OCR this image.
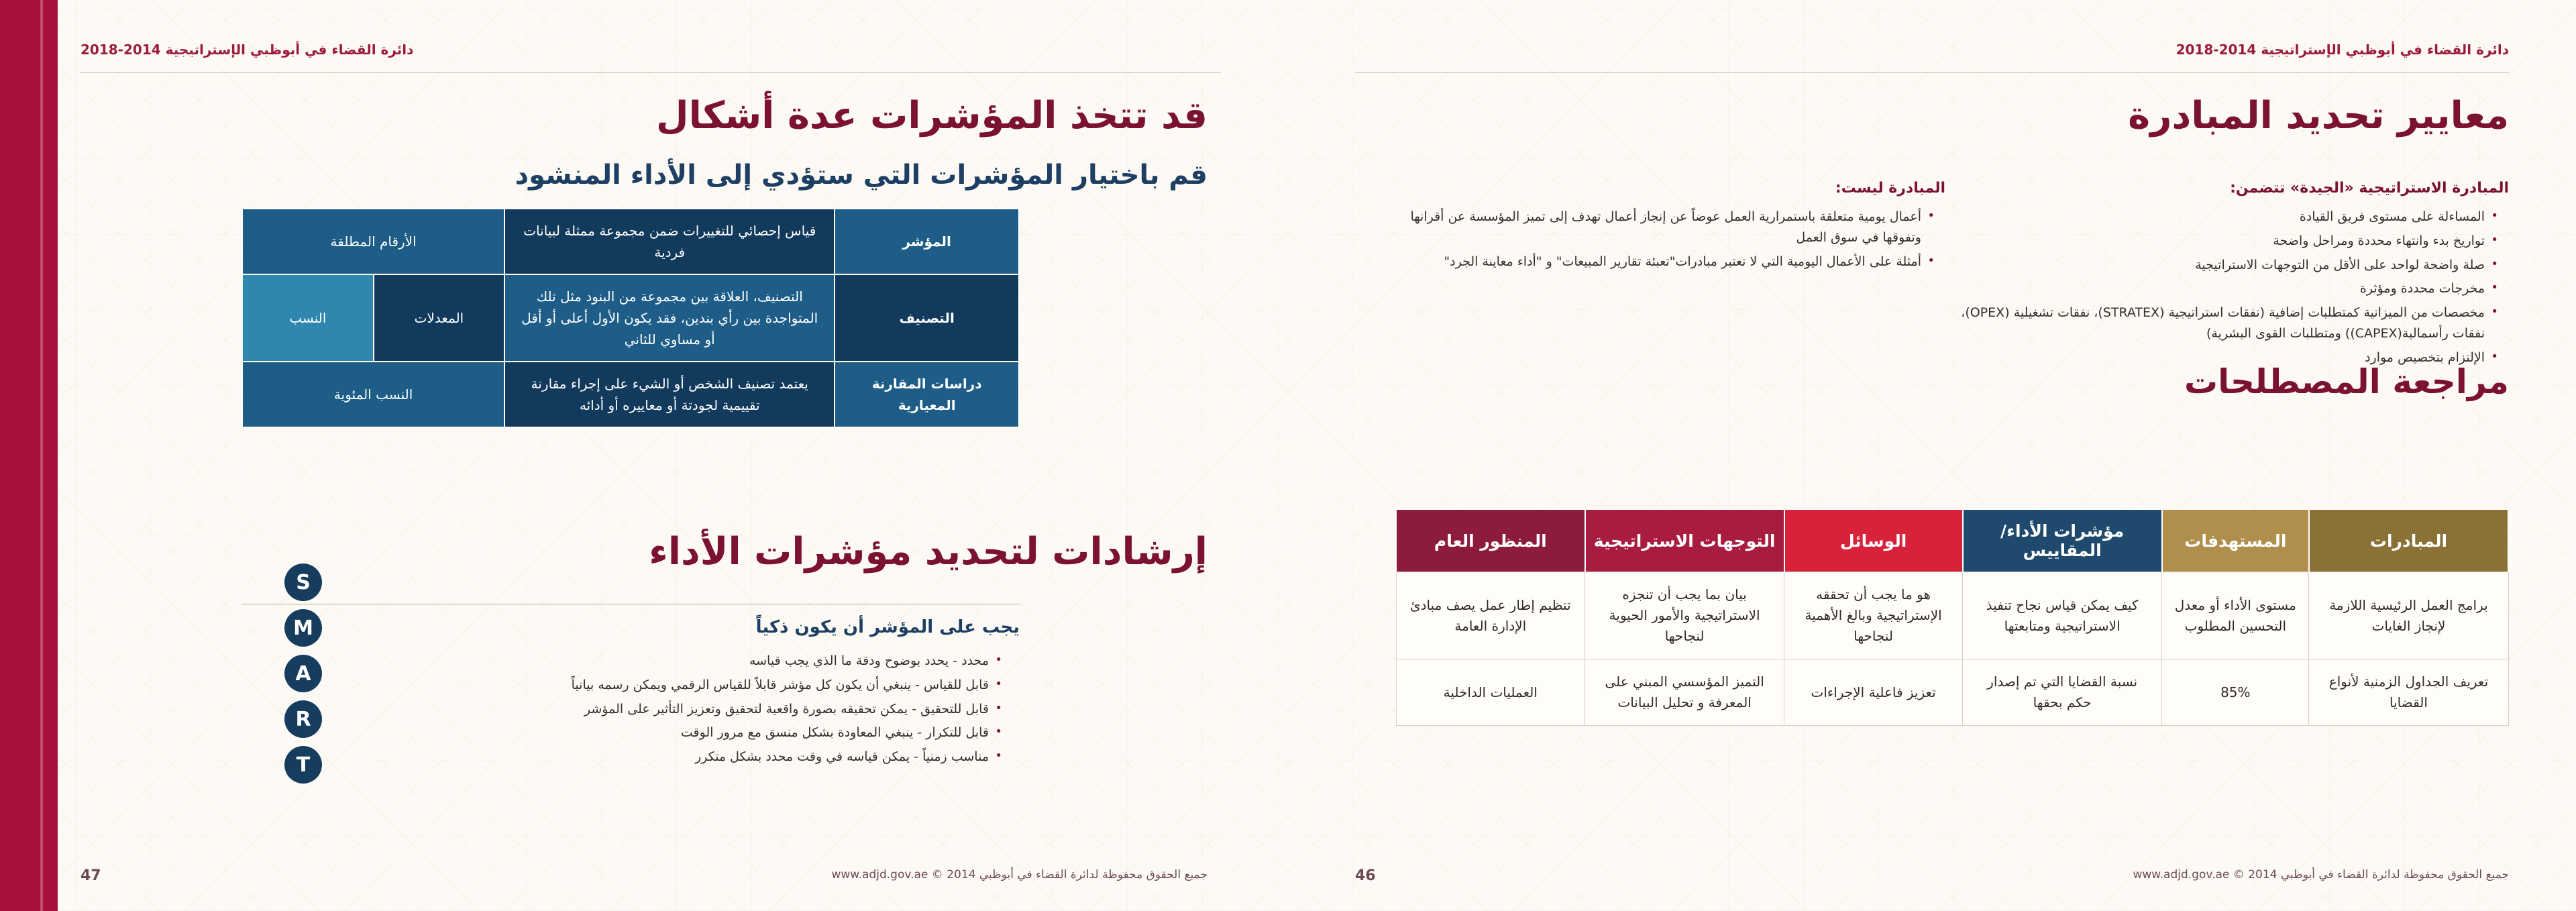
دائرة القضاء في أبوظبي الإستراتيجية 2014-2018
معايير تحديد المبادرة
المبادرة الاستراتيجية «الجيدة» تتضمن:
• المساءلة على مستوى فريق القيادة
• تواريخ بدء وانتهاء محددة ومراحل واضحة
• صلة واضحة لواحد على الأقل من التوجهات الاستراتيجية
• مخرجات محددة ومؤثرة
• مخصصات من الميزانية كمتطلبات إضافية (نفقات استراتيجية (STRATEX)، نفقات تشغيلية (OPEX)، نفقات رأسمالية(CAPEX)) ومتطلبات القوى البشرية)
• الإلتزام بتخصيص موارد
المبادرة ليست:
• أعمال يومية متعلقة باستمرارية العمل عوضاً عن إنجاز أعمال تهدف إلى تميز المؤسسة عن أقرانها وتفوقها في سوق العمل
• أمثلة على الأعمال اليومية التي لا تعتبر مبادرات"تعبئة تقارير المبيعات" و "أداء معاينة الجرد"
مراجعة المصطلحات
المبادرات	المستهدفات	مؤشرات الأداء/ المقاييس	الوسائل	التوجهات الاستراتيجية	المنظور العام
برامج العمل الرئيسية اللازمة لإنجاز الغايات	مستوى الأداء أو معدل التحسين المطلوب	كيف يمكن قياس نجاح تنفيذ الاستراتيجية ومتابعتها	هو ما يجب أن تحققه الإستراتيجية وبالغ الأهمية لنجاحها	بيان بما يجب أن تنجزه الاستراتيجية والأمور الحيوية لنجاحها	تنظيم إطار عمل يصف مبادئ الإدارة العامة
تعريف الجداول الزمنية لأنواع القضايا	85%	نسبة القضايا التي تم إصدار حكم بحقها	تعزيز فاعلية الإجراءات	التميز المؤسسي المبني على المعرفة و تحليل البيانات	العمليات الداخلية
جميع الحقوق محفوظة لدائرة القضاء في أبوظبي www.adjd.gov.ae © 2014
46
دائرة القضاء في أبوظبي الإستراتيجية 2014-2018
قد تتخذ المؤشرات عدة أشكال
قم باختيار المؤشرات التي ستؤدي إلى الأداء المنشود
المؤشر	قياس إحصائي للتغييرات ضمن مجموعة ممثلة لبيانات فردية	الأرقام المطلقة	
التصنيف	التصنيف، العلاقة بين مجموعة من البنود مثل تلك المتواجدة بين رأي بندين، فقد يكون الأول أعلى أو أقل أو مساوي للثاني	المعدلات	النسب
دراسات المقارنة المعيارية	يعتمد تصنيف الشخص أو الشيء على إجراء مقارنة تقييمية لجودتة أو معاييره أو أدائه	النسب المئوية	
إرشادات لتحديد مؤشرات الأداء
يجب على المؤشر أن يكون ذكياً
S
M
A
R
T
• محدد - يحدد بوضوح ودقة ما الذي يجب قياسه
• قابل للقياس - ينبغي أن يكون كل مؤشر قابلاً للقياس الرقمي ويمكن رسمه بيانياً
• قابل للتحقيق - يمكن تحقيقه بصورة واقعية لتحقيق وتعزيز التأثير على المؤشر
• قابل للتكرار - ينبغي المعاودة بشكل منسق مع مرور الوقت
• مناسب زمنياً - يمكن قياسه في وقت محدد بشكل متكرر
جميع الحقوق محفوظة لدائرة القضاء في أبوظبي www.adjd.gov.ae © 2014
47
